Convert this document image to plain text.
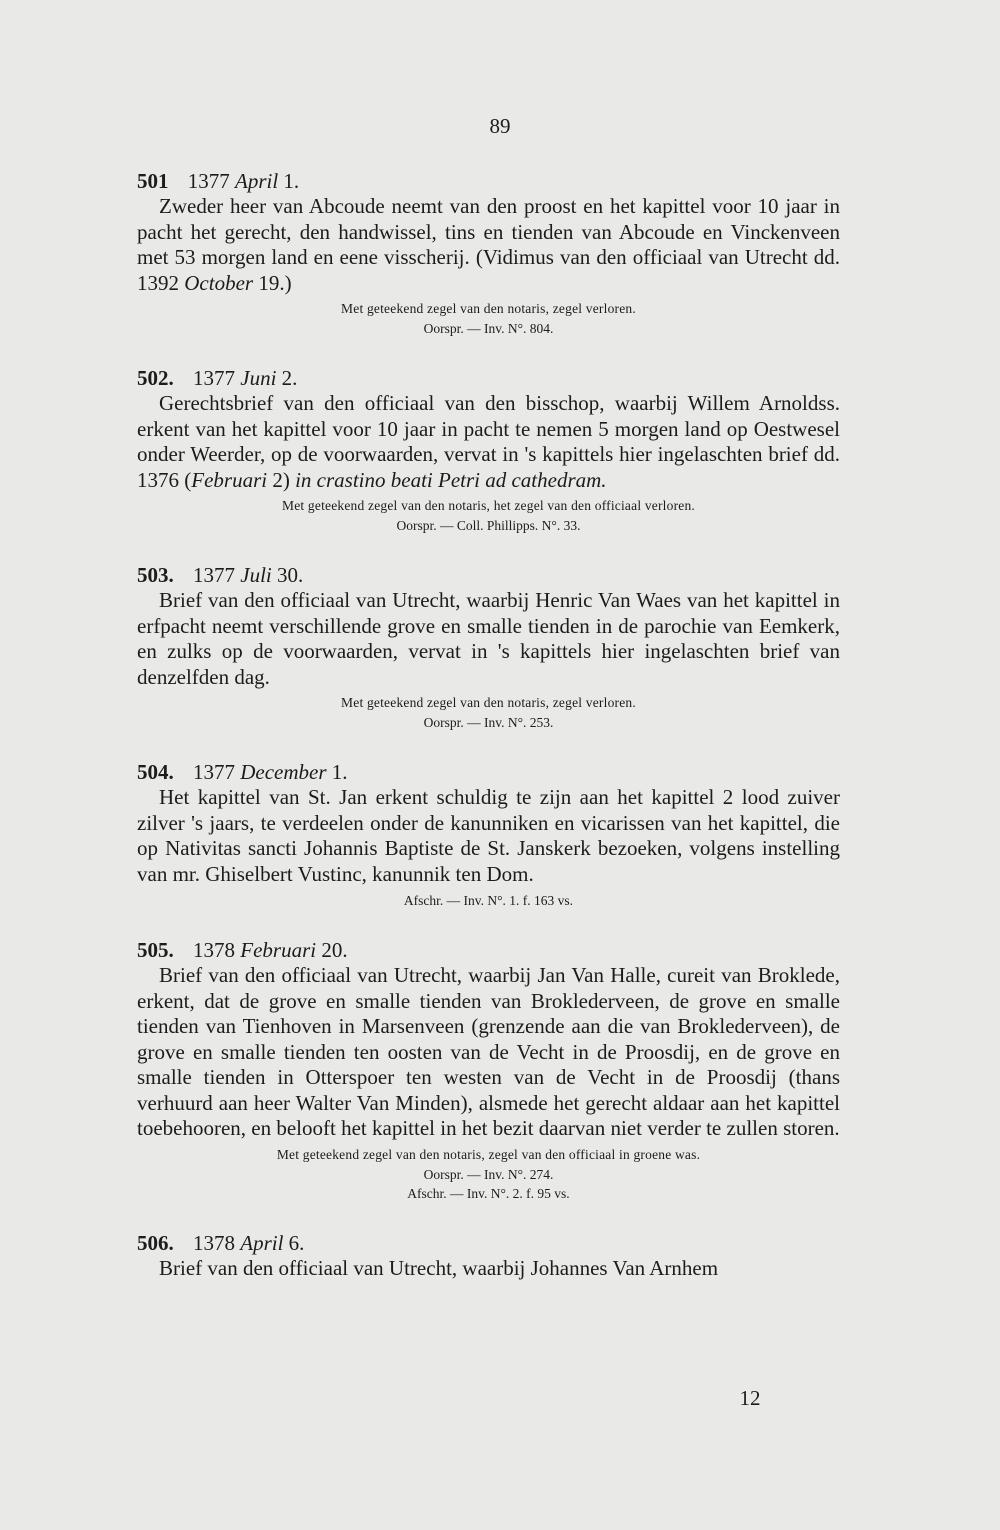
89

501 1377 April 1.

Zweder heer van Abcoude neemt van den proost en het kapittel voor 10 jaar in pacht het gerecht, den handwissel, tins en tienden van Abcoude en Vinckenveen met 53 morgen land en eene visscherij. (Vidimus van den officiaal van Utrecht dd. 1392 October 19.)

Met geteekend zegel van den notaris, zegel verloren.

Oorspr. — Inv. N°. 804.

502. 1377 Juni 2.

Gerechtsbrief van den officiaal van den bisschop, waarbij Willem Arnoldss. erkent van het kapittel voor 10 jaar in pacht te nemen 5 morgen land op Oestwesel onder Weerder, op de voorwaarden, vervat in 's kapittels hier ingelaschten brief dd. 1376 (Februari 2) in crastino beati Petri ad cathedram.

Met geteekend zegel van den notaris, het zegel van den officiaal verloren.

Oorspr. — Coll. Phillipps. N°. 33.

503. 1377 Juli 30.

Brief van den officiaal van Utrecht, waarbij Henric Van Waes van het kapittel in erfpacht neemt verschillende grove en smalle tienden in de parochie van Eemkerk, en zulks op de voorwaarden, vervat in 's kapittels hier ingelaschten brief van denzelfden dag.

Met geteekend zegel van den notaris, zegel verloren.

Oorspr. — Inv. N°. 253.

504. 1377 December 1.

Het kapittel van St. Jan erkent schuldig te zijn aan het kapittel 2 lood zuiver zilver 's jaars, te verdeelen onder de kanunniken en vicarissen van het kapittel, die op Nativitas sancti Johannis Baptiste de St. Janskerk bezoeken, volgens instelling van mr. Ghiselbert Vustinc, kanunnik ten Dom.

Afschr. — Inv. N°. 1. f. 163 vs.

505. 1378 Februari 20.

Brief van den officiaal van Utrecht, waarbij Jan Van Halle, cureit van Broklede, erkent, dat de grove en smalle tienden van Broklederveen, de grove en smalle tienden van Tienhoven in Marsenveen (grenzende aan die van Broklederveen), de grove en smalle tienden ten oosten van de Vecht in de Proosdij, en de grove en smalle tienden in Otterspoer ten westen van de Vecht in de Proosdij (thans verhuurd aan heer Walter Van Minden), alsmede het gerecht aldaar aan het kapittel toebehooren, en belooft het kapittel in het bezit daarvan niet verder te zullen storen.

Met geteekend zegel van den notaris, zegel van den officiaal in groene was.

Oorspr. — Inv. N°. 274.

Afschr. — Inv. N°. 2. f. 95 vs.

506. 1378 April 6.

Brief van den officiaal van Utrecht, waarbij Johannes Van Arnhem

12
